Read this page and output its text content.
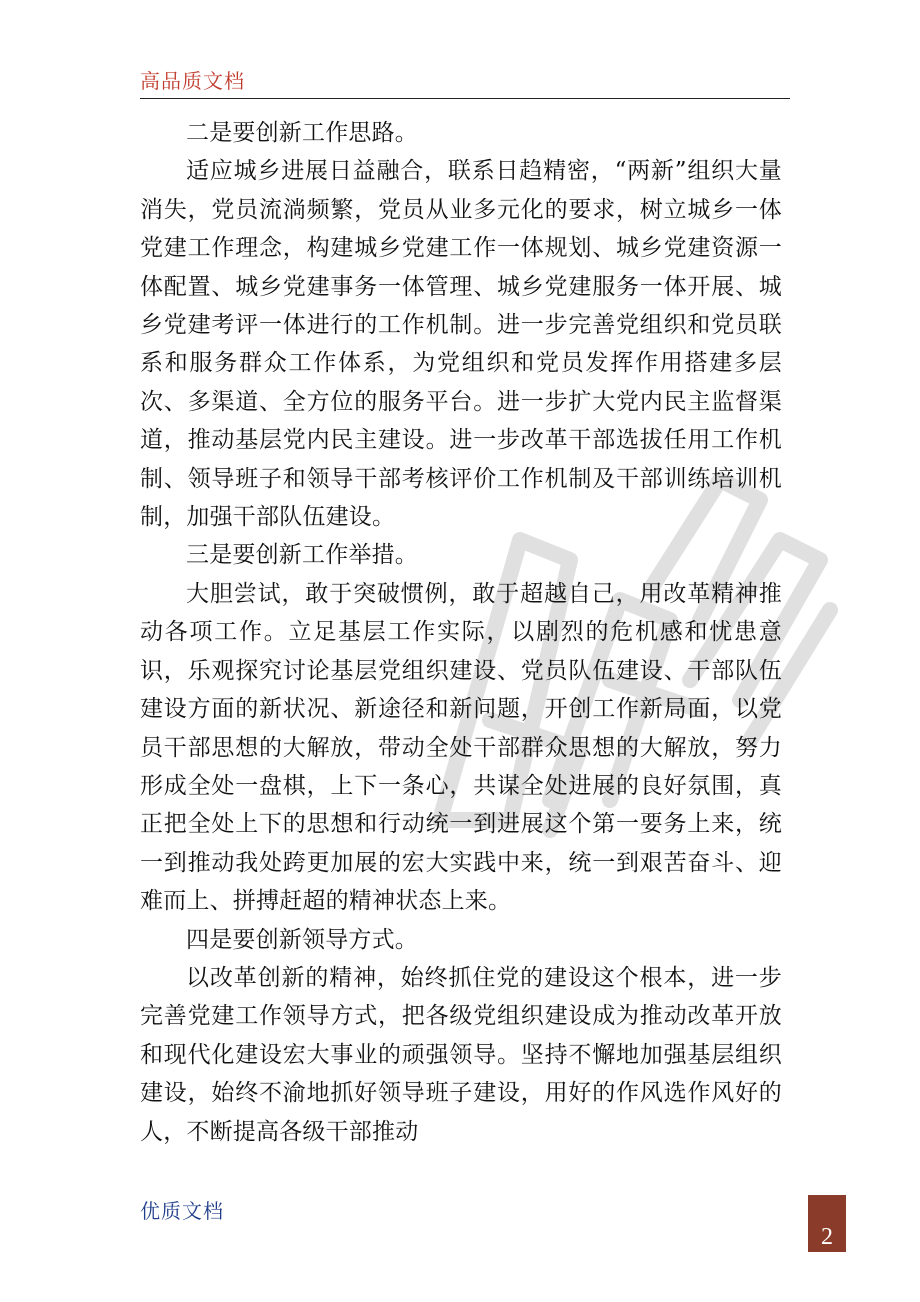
高品质文档

二是要创新工作思路。

适应城乡进展日益融合，联系日趋精密，“两新”组织大量消失，党员流淌频繁，党员从业多元化的要求，树立城乡一体党建工作理念，构建城乡党建工作一体规划、城乡党建资源一体配置、城乡党建事务一体管理、城乡党建服务一体开展、城乡党建考评一体进行的工作机制。进一步完善党组织和党员联系和服务群众工作体系，为党组织和党员发挥作用搭建多层次、多渠道、全方位的服务平台。进一步扩大党内民主监督渠道，推动基层党内民主建设。进一步改革干部选拔任用工作机制、领导班子和领导干部考核评价工作机制及干部训练培训机制，加强干部队伍建设。

三是要创新工作举措。

大胆尝试，敢于突破惯例，敢于超越自己，用改革精神推动各项工作。立足基层工作实际，以剧烈的危机感和忧患意识，乐观探究讨论基层党组织建设、党员队伍建设、干部队伍建设方面的新状况、新途径和新问题，开创工作新局面，以党员干部思想的大解放，带动全处干部群众思想的大解放，努力形成全处一盘棋，上下一条心，共谋全处进展的良好氛围，真正把全处上下的思想和行动统一到进展这个第一要务上来，统一到推动我处跨更加展的宏大实践中来，统一到艰苦奋斗、迎难而上、拼搏赶超的精神状态上来。

四是要创新领导方式。

以改革创新的精神，始终抓住党的建设这个根本，进一步完善党建工作领导方式，把各级党组织建设成为推动改革开放和现代化建设宏大事业的顽强领导。坚持不懈地加强基层组织建设，始终不渝地抓好领导班子建设，用好的作风选作风好的人，不断提高各级干部推动

优质文档
2
